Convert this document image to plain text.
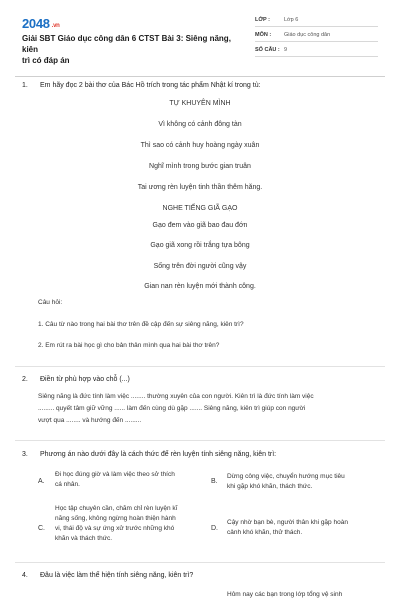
2048 .vn
Giải SBT Giáo dục công dân 6 CTST Bài 3: Siêng năng, kiên
trì có đáp án
LỚP :	Lớp 6
MÔN :	Giáo dục công dân
SỐ CÂU : 9
1. Em hãy đọc 2 bài thơ của Bác Hồ trích trong tác phẩm Nhật kí trong tù:
TỰ KHUYÊN MÌNH
Vì không có cảnh đông tàn
Thì sao có cảnh huy hoàng ngày xuân
Nghĩ mình trong bước gian truân
Tai ương rèn luyện tinh thần thêm hăng.
NGHE TIẾNG GIÃ GẠO
Gạo đem vào giã bao đau đớn
Gạo giã xong rồi trắng tựa bông
Sống trên đời người cũng vậy
Gian nan rèn luyện mới thành công.
Câu hỏi:
1. Câu từ nào trong hai bài thơ trên đề cập đến sự siêng năng, kiên trì?
2. Em rút ra bài học gì cho bản thân mình qua hai bài thơ trên?
2. Điền từ phù hợp vào chỗ (...)
Siêng năng là đức tính làm việc ........ thường xuyên của con người. Kiên trì là đức tính làm việc
......... quyết tâm giữ vững ...... làm đến cùng dù gặp ....... Siêng năng, kiên trì giúp con người
vượt qua ........ và hướng đến .........
3. Phương án nào dưới đây là cách thức để rèn luyện tính siêng năng, kiên trì:
A.
Đi học đúng giờ và làm việc theo sở thích
cá nhân.	B.
Dừng công việc, chuyển hướng mục tiêu
khi gặp khó khăn, thách thức.
C.
Học tập chuyên cần, chăm chỉ rèn luyện kĩ
năng sống, không ngừng hoàn thiện hành
vi, thái độ và sự ứng xử trước những khó
khăn và thách thức.
D.
Cậy nhờ bạn bè, người thân khi gặp hoàn
cảnh khó khăn, thử thách.
4. Đâu là việc làm thể hiện tính siêng năng, kiên trì?
Hôm nay các bạn trong lớp tổng vệ sinh
